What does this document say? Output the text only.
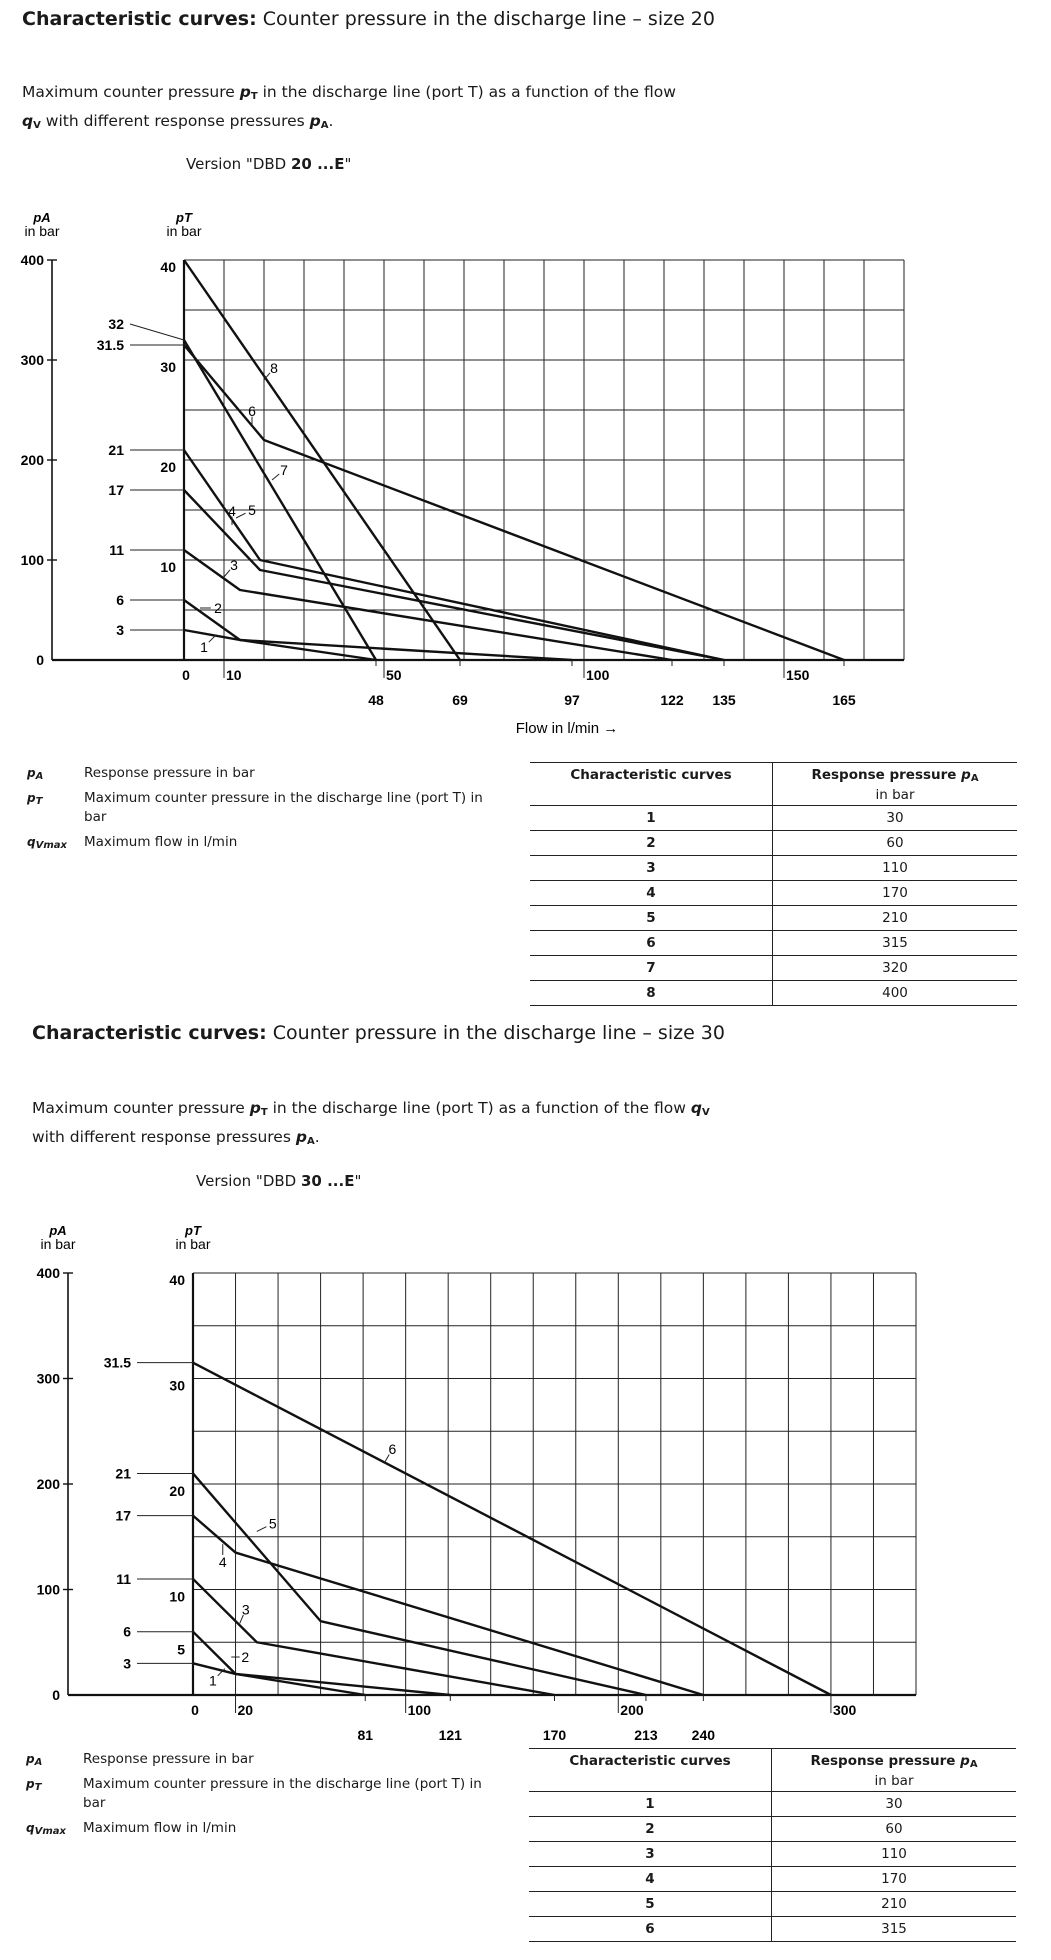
Characteristic curves: Counter pressure in the discharge line – size 20
Maximum counter pressure $p_T$ in the discharge line (port T) as a function of the flow
$q_V$ with different response pressures $p_A$.
Version "DBD 20 ...E"
pA
in bar
pT
in bar
0
100
200
300
400
10
20
30
40
0	10	50	100	150
48	69	97	122 135	165
Flow in l/min →
3
6
11
17
21
31.5
32
1
2
3
4 5
6
7
8
$p_A$	Response pressure in bar
$p_T$	Maximum counter pressure in the discharge line (port T) in bar
$q_{Vmax}$	Maximum flow in l/min
Characteristic curves	Response pressure $p_A$
in bar
1	30
2	60
3	110
4	170
5	210
6	315
7	320
8	400
Characteristic curves: Counter pressure in the discharge line – size 30
Maximum counter pressure $p_T$ in the discharge line (port T) as a function of the flow $q_V$
with different response pressures $p_A$.
Version "DBD 30 ...E"
pA
in bar
pT
in bar
0
100
200
300
400
5
10
20
30
40
0	20	100	200	300
81	121	170	213 240
3
6
11
17
21
31.5
1
2
3
4
5
6
$p_A$	Response pressure in bar
$p_T$	Maximum counter pressure in the discharge line (port T) in bar
$q_{Vmax}$	Maximum flow in l/min
Characteristic curves	Response pressure $p_A$
in bar
1	30
2	60
3	110
4	170
5	210
6	315
